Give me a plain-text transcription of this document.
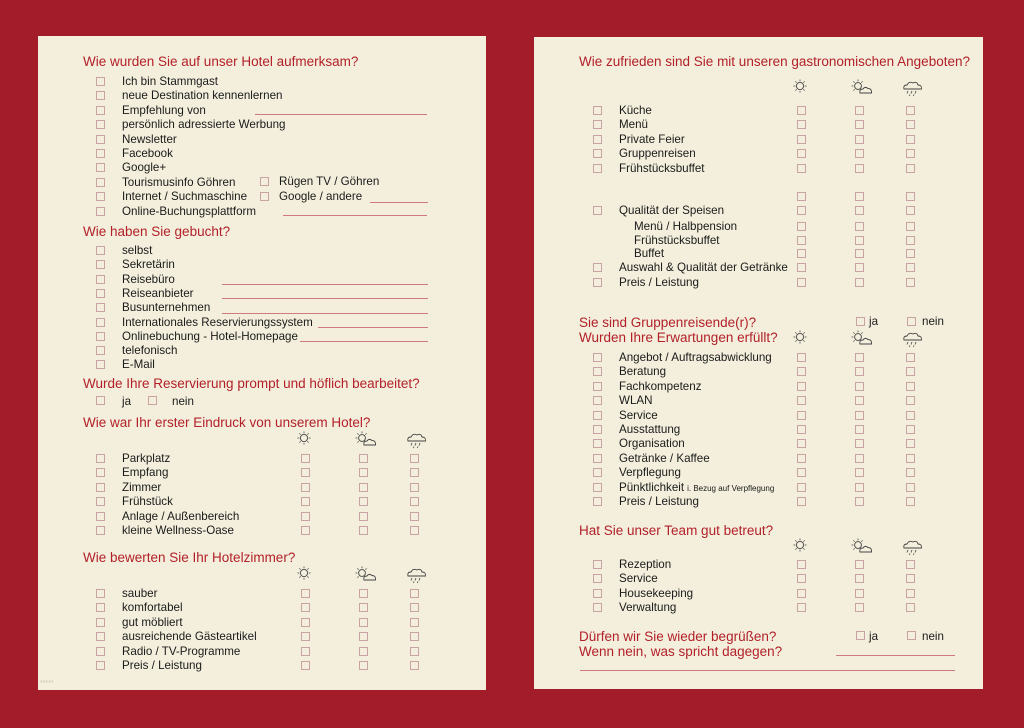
Wie wurden Sie auf unser Hotel aufmerksam?
Ich bin Stammgast
neue Destination kennenlernen
Empfehlung von
persönlich adressierte Werbung
Newsletter
Facebook
Google+
Tourismusinfo Göhren
Internet / Suchmaschine
Online-Buchungsplattform
Rügen TV / Göhren
Google / andere
Wie haben Sie gebucht?
selbst
Sekretärin
Reisebüro
Reiseanbieter
Busunternehmen
Internationales Reservierungssystem
Onlinebuchung - Hotel-Homepage
telefonisch
E-Mail
Wurde Ihre Reservierung prompt und höflich bearbeitet?
ja	nein
Wie war Ihr erster Eindruck von unserem Hotel?
Parkplatz
Empfang
Zimmer
Frühstück
Anlage / Außenbereich
kleine Wellness-Oase
Wie bewerten Sie Ihr Hotelzimmer?
sauber
komfortabel
gut möbliert
ausreichende Gästeartikel
Radio / TV-Programme
Preis / Leistung
*****
Wie zufrieden sind Sie mit unseren gastronomischen Angeboten?
Küche
Menü
Private Feier
Gruppenreisen
Frühstücksbuffet
Qualität der Speisen
Menü / Halbpension
Frühstücksbuffet
Buffet
Auswahl & Qualität der Getränke
Preis / Leistung
Sie sind Gruppenreisende(r)?
Wurden Ihre Erwartungen erfüllt?
ja	nein
Angebot / Auftragsabwicklung
Beratung
Fachkompetenz
WLAN
Service
Ausstattung
Organisation
Getränke / Kaffee
Verpflegung
Pünktlichkeit i. Bezug auf Verpflegung
Preis / Leistung
Hat Sie unser Team gut betreut?
Rezeption
Service
Housekeeping
Verwaltung
Dürfen wir Sie wieder begrüßen?
Wenn nein, was spricht dagegen?
ja	nein
